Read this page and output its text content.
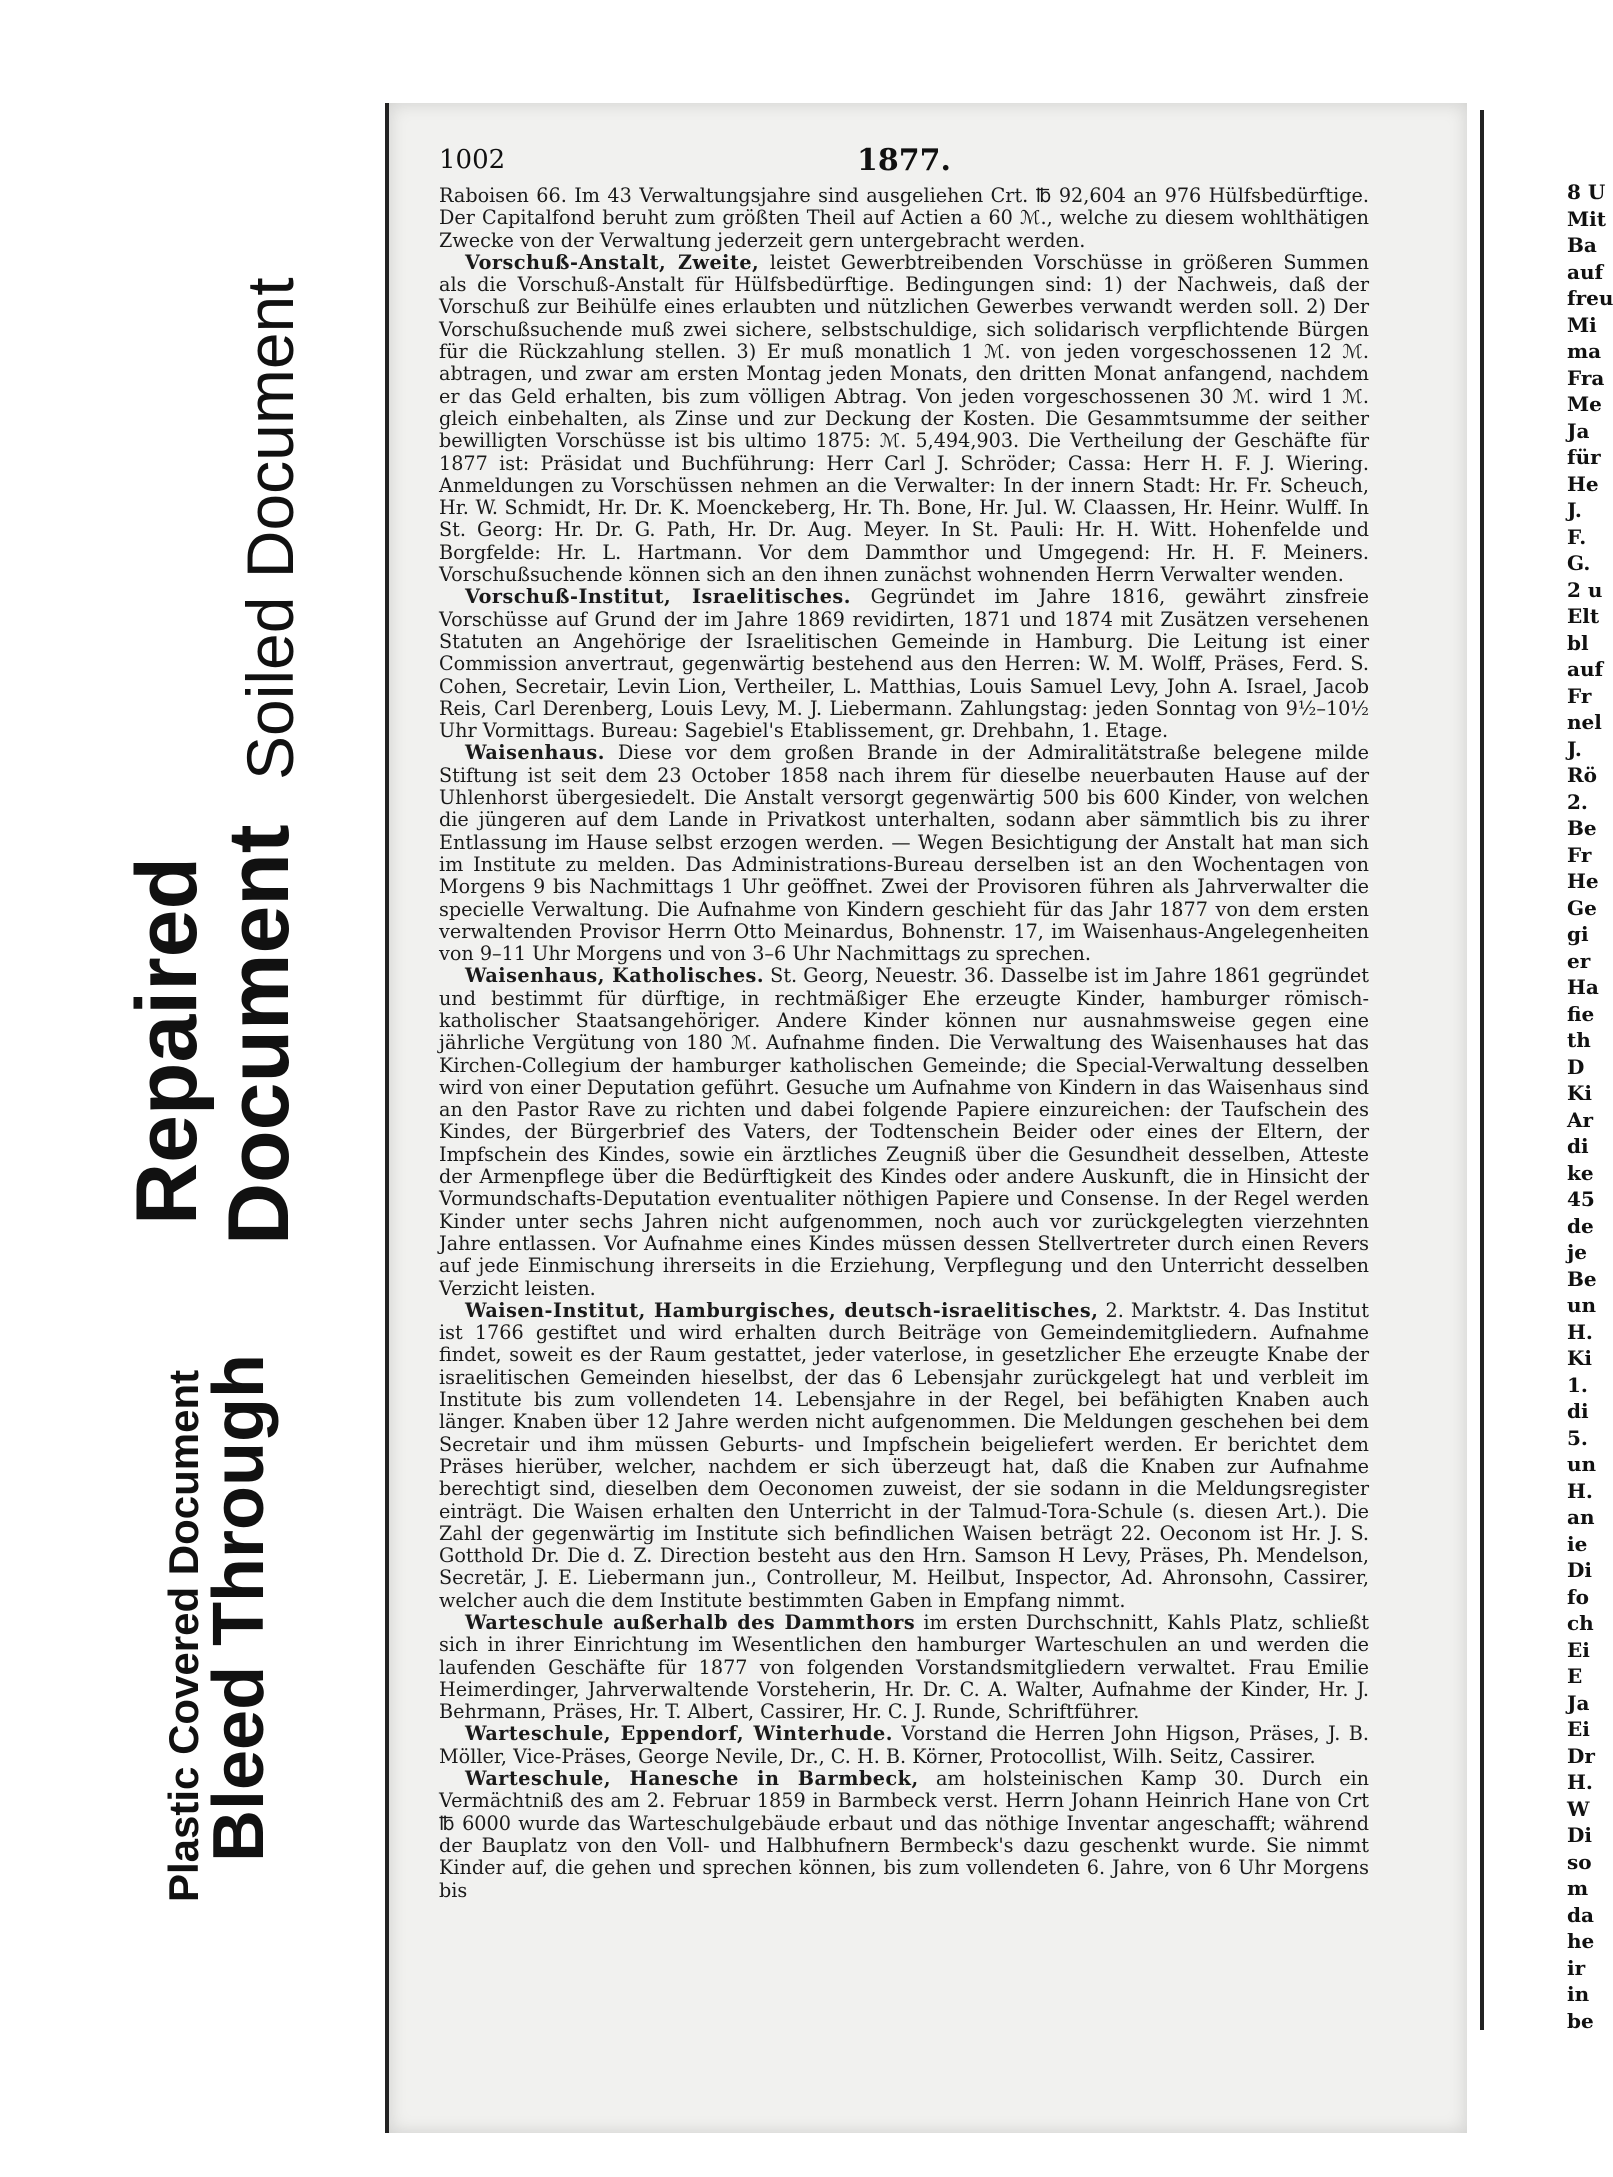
Soiled Document
Repaired
Document
Plastic Covered Document
Bleed Through
1002	1877.

Raboisen 66. Im 43 Verwaltungsjahre sind ausgeliehen Crt. ℔ 92,604 an 976 Hülfsbedürftige. Der Capitalfond beruht zum größten Theil auf Actien a 60 ℳ., welche zu diesem wohlthätigen Zwecke von der Verwaltung jederzeit gern untergebracht werden.

Vorschuß-Anstalt, Zweite, leistet Gewerbtreibenden Vorschüsse in größeren Summen als die Vorschuß-Anstalt für Hülfsbedürftige. Bedingungen sind: 1) der Nachweis, daß der Vorschuß zur Beihülfe eines erlaubten und nützlichen Gewerbes verwandt werden soll. 2) Der Vorschußsuchende muß zwei sichere, selbstschuldige, sich solidarisch verpflichtende Bürgen für die Rückzahlung stellen. 3) Er muß monatlich 1 ℳ. von jeden vorgeschossenen 12 ℳ. abtragen, und zwar am ersten Montag jeden Monats, den dritten Monat anfangend, nachdem er das Geld erhalten, bis zum völligen Abtrag. Von jeden vorgeschossenen 30 ℳ. wird 1 ℳ. gleich einbehalten, als Zinse und zur Deckung der Kosten. Die Gesammtsumme der seither bewilligten Vorschüsse ist bis ultimo 1875: ℳ. 5,494,903. Die Vertheilung der Geschäfte für 1877 ist: Präsidat und Buchführung: Herr Carl J. Schröder; Cassa: Herr H. F. J. Wiering. Anmeldungen zu Vorschüssen nehmen an die Verwalter: In der innern Stadt: Hr. Fr. Scheuch, Hr. W. Schmidt, Hr. Dr. K. Moenckeberg, Hr. Th. Bone, Hr. Jul. W. Claassen, Hr. Heinr. Wulff. In St. Georg: Hr. Dr. G. Path, Hr. Dr. Aug. Meyer. In St. Pauli: Hr. H. Witt. Hohenfelde und Borgfelde: Hr. L. Hartmann. Vor dem Dammthor und Umgegend: Hr. H. F. Meiners. Vorschußsuchende können sich an den ihnen zunächst wohnenden Herrn Verwalter wenden.

Vorschuß-Institut, Israelitisches. Gegründet im Jahre 1816, gewährt zinsfreie Vorschüsse auf Grund der im Jahre 1869 revidirten, 1871 und 1874 mit Zusätzen versehenen Statuten an Angehörige der Israelitischen Gemeinde in Hamburg. Die Leitung ist einer Commission anvertraut, gegenwärtig bestehend aus den Herren: W. M. Wolff, Präses, Ferd. S. Cohen, Secretair, Levin Lion, Vertheiler, L. Matthias, Louis Samuel Levy, John A. Israel, Jacob Reis, Carl Derenberg, Louis Levy, M. J. Liebermann. Zahlungstag: jeden Sonntag von 9½–10½ Uhr Vormittags. Bureau: Sagebiel's Etablissement, gr. Drehbahn, 1. Etage.

Waisenhaus. Diese vor dem großen Brande in der Admiralitätstraße belegene milde Stiftung ist seit dem 23 October 1858 nach ihrem für dieselbe neuerbauten Hause auf der Uhlenhorst übergesiedelt. Die Anstalt versorgt gegenwärtig 500 bis 600 Kinder, von welchen die jüngeren auf dem Lande in Privatkost unterhalten, sodann aber sämmtlich bis zu ihrer Entlassung im Hause selbst erzogen werden. — Wegen Besichtigung der Anstalt hat man sich im Institute zu melden. Das Administrations-Bureau derselben ist an den Wochentagen von Morgens 9 bis Nachmittags 1 Uhr geöffnet. Zwei der Provisoren führen als Jahrverwalter die specielle Verwaltung. Die Aufnahme von Kindern geschieht für das Jahr 1877 von dem ersten verwaltenden Provisor Herrn Otto Meinardus, Bohnenstr. 17, im Waisenhaus-Angelegenheiten von 9–11 Uhr Morgens und von 3–6 Uhr Nachmittags zu sprechen.

Waisenhaus, Katholisches. St. Georg, Neuestr. 36. Dasselbe ist im Jahre 1861 gegründet und bestimmt für dürftige, in rechtmäßiger Ehe erzeugte Kinder, hamburger römisch-katholischer Staatsangehöriger. Andere Kinder können nur ausnahmsweise gegen eine jährliche Vergütung von 180 ℳ. Aufnahme finden. Die Verwaltung des Waisenhauses hat das Kirchen-Collegium der hamburger katholischen Gemeinde; die Special-Verwaltung desselben wird von einer Deputation geführt. Gesuche um Aufnahme von Kindern in das Waisenhaus sind an den Pastor Rave zu richten und dabei folgende Papiere einzureichen: der Taufschein des Kindes, der Bürgerbrief des Vaters, der Todtenschein Beider oder eines der Eltern, der Impfschein des Kindes, sowie ein ärztliches Zeugniß über die Gesundheit desselben, Atteste der Armenpflege über die Bedürftigkeit des Kindes oder andere Auskunft, die in Hinsicht der Vormundschafts-Deputation eventualiter nöthigen Papiere und Consense. In der Regel werden Kinder unter sechs Jahren nicht aufgenommen, noch auch vor zurückgelegten vierzehnten Jahre entlassen. Vor Aufnahme eines Kindes müssen dessen Stellvertreter durch einen Revers auf jede Einmischung ihrerseits in die Erziehung, Verpflegung und den Unterricht desselben Verzicht leisten.

Waisen-Institut, Hamburgisches, deutsch-israelitisches, 2. Marktstr. 4. Das Institut ist 1766 gestiftet und wird erhalten durch Beiträge von Gemeindemitgliedern. Aufnahme findet, soweit es der Raum gestattet, jeder vaterlose, in gesetzlicher Ehe erzeugte Knabe der israelitischen Gemeinden hieselbst, der das 6 Lebensjahr zurückgelegt hat und verbleit im Institute bis zum vollendeten 14. Lebensjahre in der Regel, bei befähigten Knaben auch länger. Knaben über 12 Jahre werden nicht aufgenommen. Die Meldungen geschehen bei dem Secretair und ihm müssen Geburts- und Impfschein beigeliefert werden. Er berichtet dem Präses hierüber, welcher, nachdem er sich überzeugt hat, daß die Knaben zur Aufnahme berechtigt sind, dieselben dem Oeconomen zuweist, der sie sodann in die Meldungsregister einträgt. Die Waisen erhalten den Unterricht in der Talmud-Tora-Schule (s. diesen Art.). Die Zahl der gegenwärtig im Institute sich befindlichen Waisen beträgt 22. Oeconom ist Hr. J. S. Gotthold Dr. Die d. Z. Direction besteht aus den Hrn. Samson H Levy, Präses, Ph. Mendelson, Secretär, J. E. Liebermann jun., Controlleur, M. Heilbut, Inspector, Ad. Ahronsohn, Cassirer, welcher auch die dem Institute bestimmten Gaben in Empfang nimmt.

Warteschule außerhalb des Dammthors im ersten Durchschnitt, Kahls Platz, schließt sich in ihrer Einrichtung im Wesentlichen den hamburger Warteschulen an und werden die laufenden Geschäfte für 1877 von folgenden Vorstandsmitgliedern verwaltet. Frau Emilie Heimerdinger, Jahrverwaltende Vorsteherin, Hr. Dr. C. A. Walter, Aufnahme der Kinder, Hr. J. Behrmann, Präses, Hr. T. Albert, Cassirer, Hr. C. J. Runde, Schriftführer.

Warteschule, Eppendorf, Winterhude. Vorstand die Herren John Higson, Präses, J. B. Möller, Vice-Präses, George Nevile, Dr., C. H. B. Körner, Protocollist, Wilh. Seitz, Cassirer.

Warteschule, Hanesche in Barmbeck, am holsteinischen Kamp 30. Durch ein Vermächtniß des am 2. Februar 1859 in Barmbeck verst. Herrn Johann Heinrich Hane von Crt ℔ 6000 wurde das Warteschulgebäude erbaut und das nöthige Inventar angeschafft; während der Bauplatz von den Voll- und Halbhufnern Bermbeck's dazu geschenkt wurde. Sie nimmt Kinder auf, die gehen und sprechen können, bis zum vollendeten 6. Jahre, von 6 Uhr Morgens bis

8 U
Mit
Ba
auf
freu
Mi
ma
Fra
Me
Ja
für
He
J.
F.
G.
2 u
Elt
bl
auf
Fr
nel
J.
Rö
2.
Be
Fr
He
Ge
gi
er
Ha
fie
th
D
Ki
Ar
di
ke
45
de
je
Be
un
H.
Ki
1.
di
5.
un
H.
an
ie
Di
fo
ch
Ei
E
Ja
Ei
Dr
H.
W
Di
so
m
da
he
ir
in
be
